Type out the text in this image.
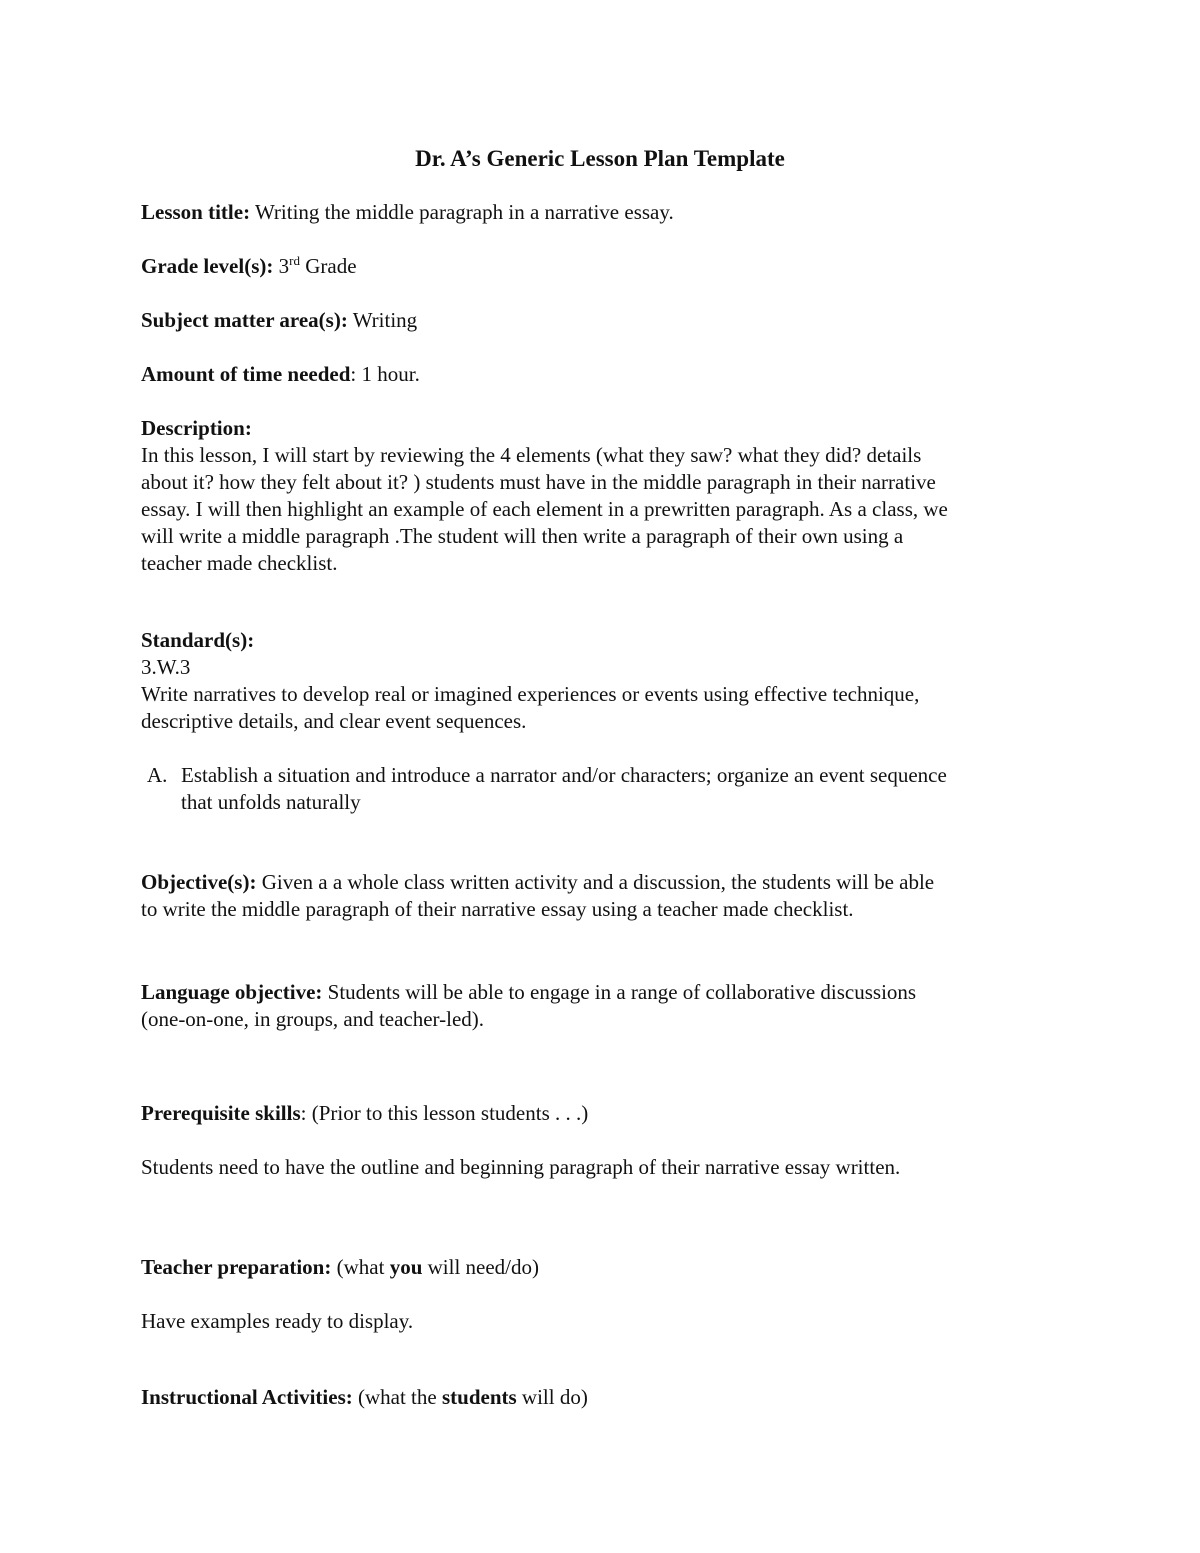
Dr. A’s Generic Lesson Plan Template
Lesson title: Writing the middle paragraph in a narrative essay.
Grade level(s): 3rd Grade
Subject matter area(s): Writing
Amount of time needed: 1 hour.
Description:
In this lesson, I will start by reviewing the 4 elements (what they saw? what they did? details
about it? how they felt about it? ) students must have in the middle paragraph in their narrative
essay. I will then highlight an example of each element in a prewritten paragraph. As a class, we
will write a middle paragraph .The student will then write a paragraph of their own using a
teacher made checklist.
Standard(s):
3.W.3
Write narratives to develop real or imagined experiences or events using effective technique,
descriptive details, and clear event sequences.
A. Establish a situation and introduce a narrator and/or characters; organize an event sequence
that unfolds naturally
Objective(s): Given a a whole class written activity and a discussion, the students will be able
to write the middle paragraph of their narrative essay using a teacher made checklist.
Language objective: Students will be able to engage in a range of collaborative discussions
(one-on-one, in groups, and teacher-led).
Prerequisite skills: (Prior to this lesson students . . .)
Students need to have the outline and beginning paragraph of their narrative essay written.
Teacher preparation: (what you will need/do)
Have examples ready to display.
Instructional Activities: (what the students will do)
